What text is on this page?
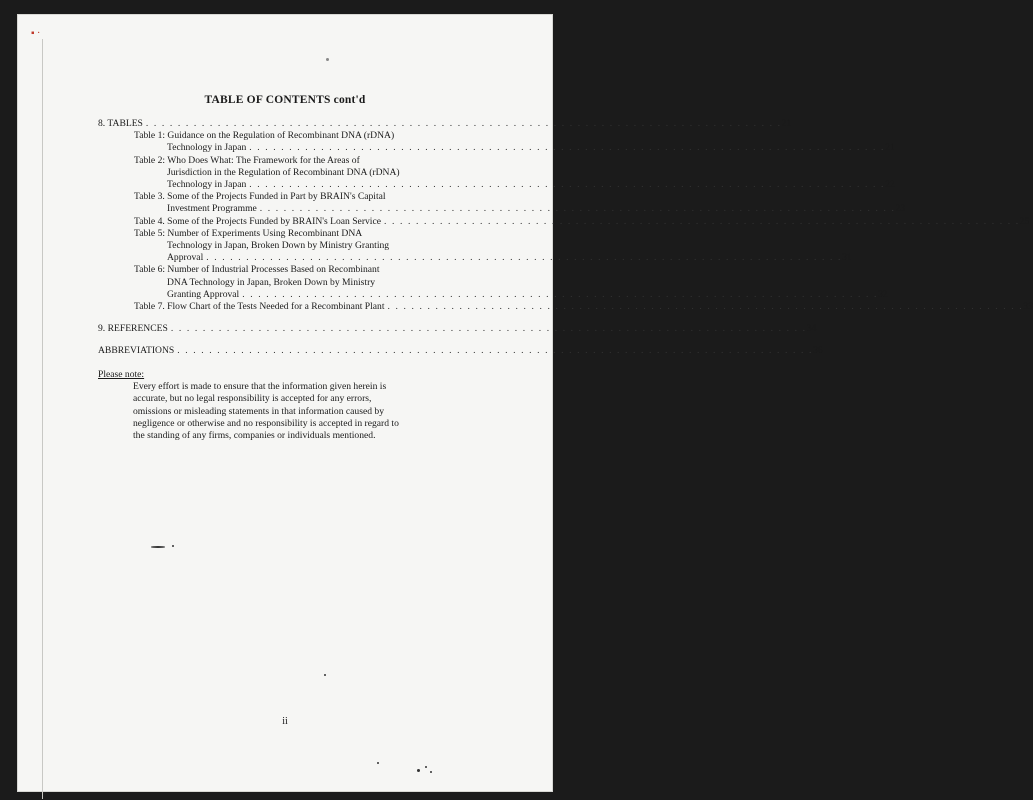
▪ ·
TABLE OF CONTENTS cont'd
8. TABLES . . . . . . . . . . . . . . . . . . . . . . . . . . . . . . . . . . . . . . . . . . . . . . . . . . . . . . . . . . . . . . . . . . . . . . . . . . . . . . . . 21
Table 1: Guidance on the Regulation of Recombinant DNA (rDNA)
Technology in Japan . . . . . . . . . . . . . . . . . . . . . . . . . . . . . . . . . . . . . . . . . . . . . . . . . . . . . . . . . . . . . . . . . . . . . . . . . . . . . . . . 21
Table 2: Who Does What: The Framework for the Areas of
Jurisdiction in the Regulation of Recombinant DNA (rDNA)
Technology in Japan . . . . . . . . . . . . . . . . . . . . . . . . . . . . . . . . . . . . . . . . . . . . . . . . . . . . . . . . . . . . . . . . . . . . . . . . . . . . . . . . 22
Table 3. Some of the Projects Funded in Part by BRAIN's Capital
Investment Programme . . . . . . . . . . . . . . . . . . . . . . . . . . . . . . . . . . . . . . . . . . . . . . . . . . . . . . . . . . . . . . . . . . . . . . . . . . . . . . . . 23
Table 4. Some of the Projects Funded by BRAIN's Loan Service . . . . . . . . . . . . . . . . . . . . . . . . . . . . . . . . . . . . . . . . . . . . . . . . . . . . . . . . . . . . . . . . . . . . . . . . . . . . . . . . 25
Table 5: Number of Experiments Using Recombinant DNA
Technology in Japan, Broken Down by Ministry Granting
Approval . . . . . . . . . . . . . . . . . . . . . . . . . . . . . . . . . . . . . . . . . . . . . . . . . . . . . . . . . . . . . . . . . . . . . . . . . . . . . . . . 31
Table 6: Number of Industrial Processes Based on Recombinant
DNA Technology in Japan, Broken Down by Ministry
Granting Approval . . . . . . . . . . . . . . . . . . . . . . . . . . . . . . . . . . . . . . . . . . . . . . . . . . . . . . . . . . . . . . . . . . . . . . . . . . . . . . . . 32
Table 7. Flow Chart of the Tests Needed for a Recombinant Plant . . . . . . . . . . . . . . . . . . . . . . . . . . . . . . . . . . . . . . . . . . . . . . . . . . . . . . . . . . . . . . . . . . . . . . . . . . . . . . . . 33
9. REFERENCES . . . . . . . . . . . . . . . . . . . . . . . . . . . . . . . . . . . . . . . . . . . . . . . . . . . . . . . . . . . . . . . . . . . . . . . . . . . . . . . . 34
ABBREVIATIONS . . . . . . . . . . . . . . . . . . . . . . . . . . . . . . . . . . . . . . . . . . . . . . . . . . . . . . . . . . . . . . . . . . . . . . . . . . . . . . . . 36
Please note:
Every effort is made to ensure that the information given herein is
accurate, but no legal responsibility is accepted for any errors,
omissions or misleading statements in that information caused by
negligence or otherwise and no responsibility is accepted in regard to
the standing of any firms, companies or individuals mentioned.
ii
